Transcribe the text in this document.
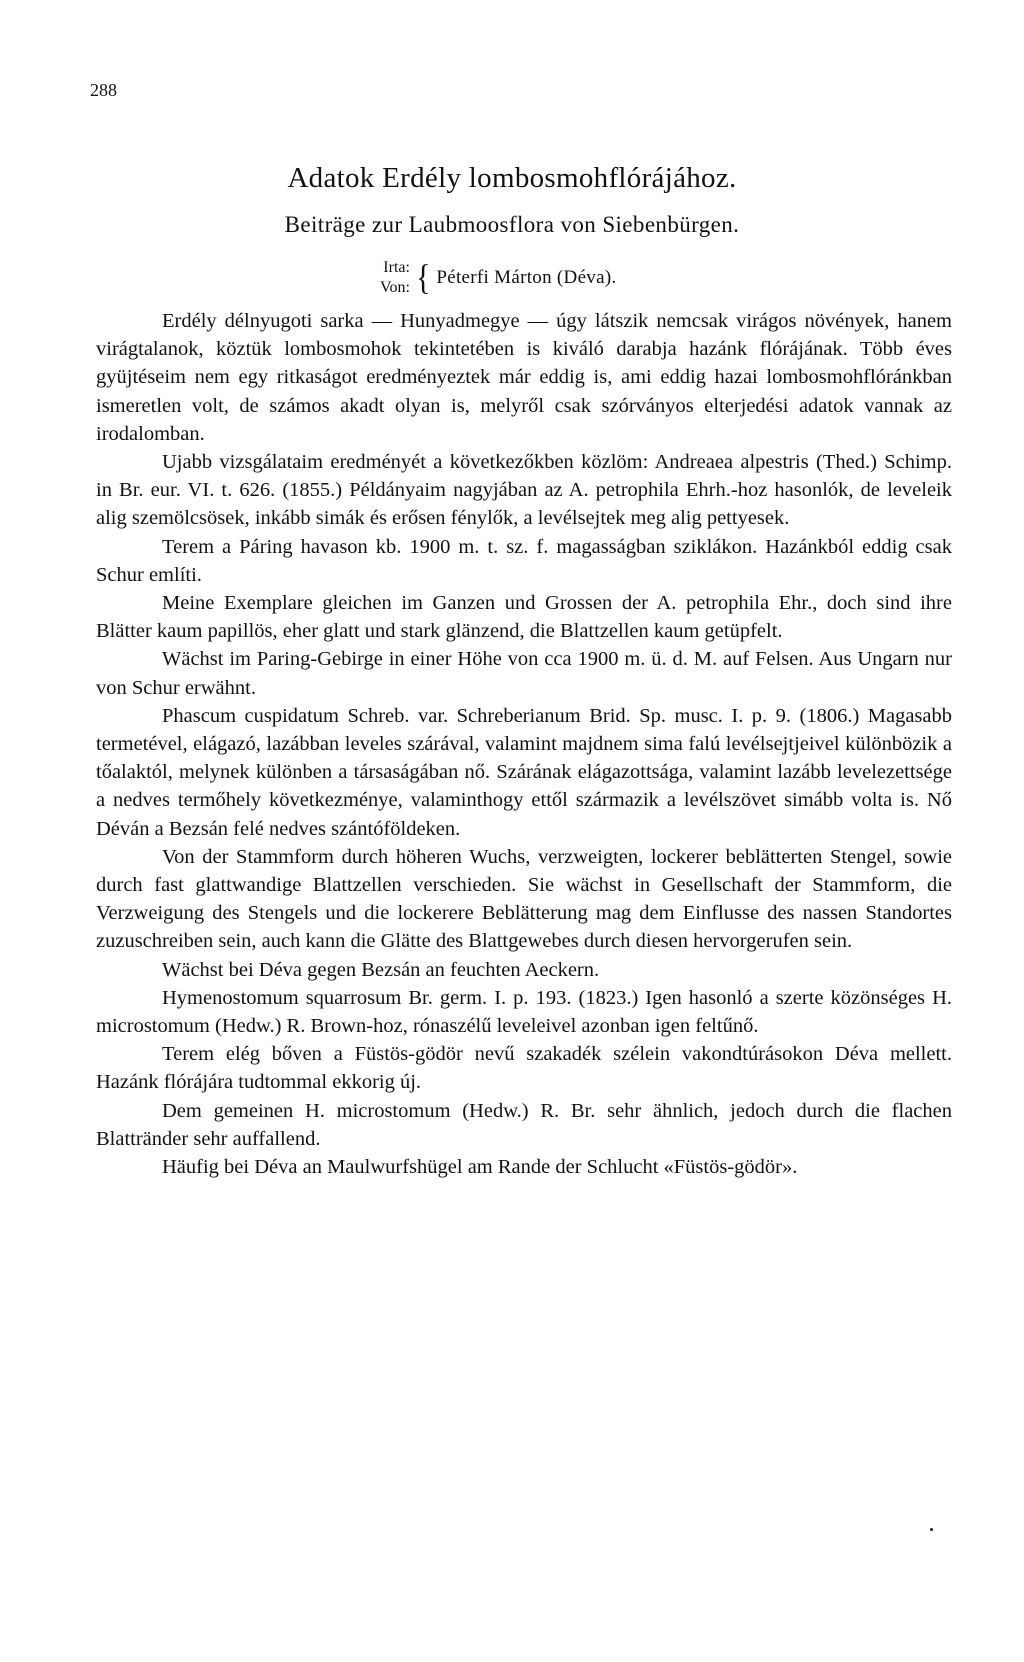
288
Adatok Erdély lombosmohflórájához.
Beiträge zur Laubmoosflora von Siebenbürgen.
Irta:
Von: { Péterfi Márton (Déva).

Erdély délnyugoti sarka — Hunyadmegye — úgy látszik nemcsak virágos növények, hanem virágtalanok, köztük lombosmohok tekintetében is kiváló darabja hazánk flórájának. Több éves gyüjtéseim nem egy ritkaságot eredményeztek már eddig is, ami eddig hazai lombosmohflóránkban ismeretlen volt, de számos akadt olyan is, melyről csak szórványos elterjedési adatok vannak az irodalomban.

Ujabb vizsgálataim eredményét a következőkben közlöm: Andreaea alpestris (Thed.) Schimp. in Br. eur. VI. t. 626. (1855.) Példányaim nagyjában az A. petrophila Ehrh.-hoz hasonlók, de leveleik alig szemölcsösek, inkább simák és erősen fénylők, a levélsejtek meg alig pettyesek.

Terem a Páring havason kb. 1900 m. t. sz. f. magasságban sziklákon. Hazánkból eddig csak Schur említi.

Meine Exemplare gleichen im Ganzen und Grossen der A. petrophila Ehr., doch sind ihre Blätter kaum papillös, eher glatt und stark glänzend, die Blattzellen kaum getüpfelt.

Wächst im Paring-Gebirge in einer Höhe von cca 1900 m. ü. d. M. auf Felsen. Aus Ungarn nur von Schur erwähnt.

Phascum cuspidatum Schreb. var. Schreberianum Brid. Sp. musc. I. p. 9. (1806.) Magasabb termetével, elágazó, lazábban leveles szárával, valamint majdnem sima falú levélsejtjeivel különbözik a tőalaktól, melynek különben a társaságában nő. Szárának elágazottsága, valamint lazább levelezettsége a nedves termőhely következménye, valaminthogy ettől származik a levélszövet simább volta is. Nő Déván a Bezsán felé nedves szántóföldeken.

Von der Stammform durch höheren Wuchs, verzweigten, lockerer beblätterten Stengel, sowie durch fast glattwandige Blattzellen verschieden. Sie wächst in Gesellschaft der Stammform, die Verzweigung des Stengels und die lockerere Beblätterung mag dem Einflusse des nassen Standortes zuzuschreiben sein, auch kann die Glätte des Blattgewebes durch diesen hervorgerufen sein.

Wächst bei Déva gegen Bezsán an feuchten Aeckern.

Hymenostomum squarrosum Br. germ. I. p. 193. (1823.) Igen hasonló a szerte közönséges H. microstomum (Hedw.) R. Brown-hoz, rónaszélű leveleivel azonban igen feltűnő.

Terem elég bőven a Füstös-gödör nevű szakadék szélein vakondtúrásokon Déva mellett. Hazánk flórájára tudtommal ekkorig új.

Dem gemeinen H. microstomum (Hedw.) R. Br. sehr ähnlich, jedoch durch die flachen Blattränder sehr auffallend.

Häufig bei Déva an Maulwurfshügel am Rande der Schlucht «Füstös-gödör».
